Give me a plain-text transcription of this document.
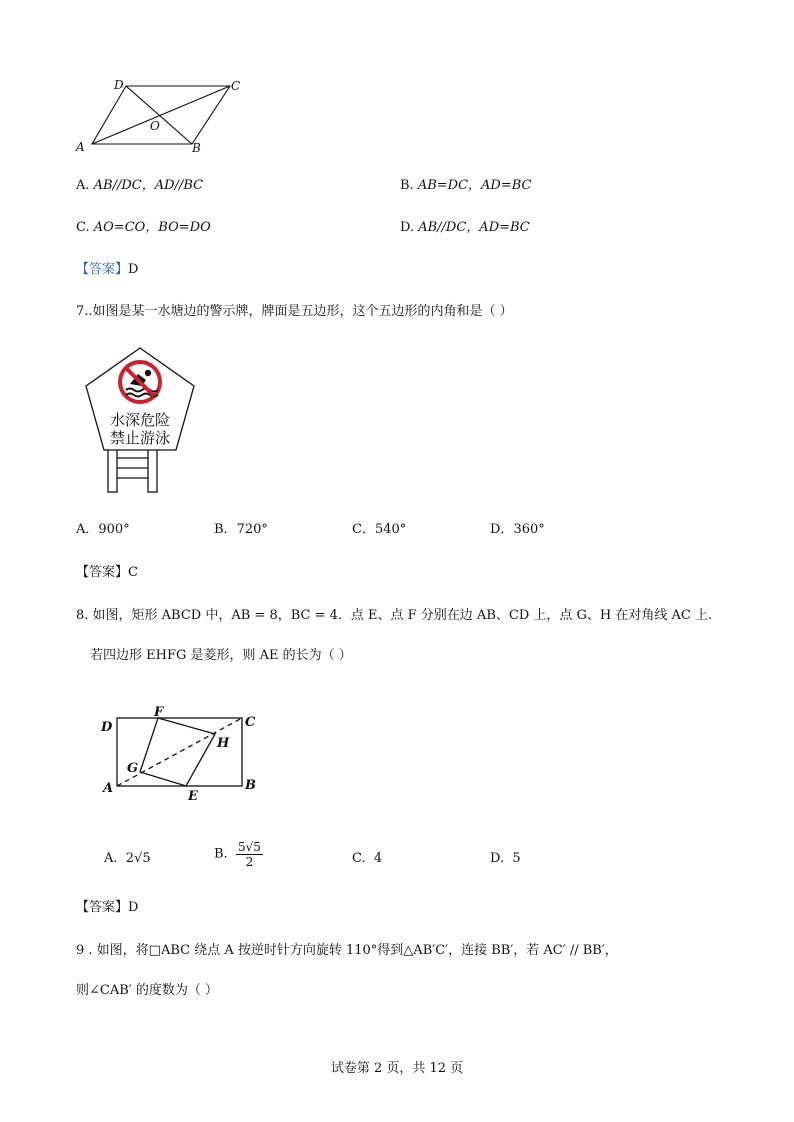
D	C
O
A	B
A. AB//DC，AD//BC	B. AB=DC，AD=BC
C. AO=CO，BO=DO	D. AB//DC，AD=BC
【答案】D
7..如图是某一水塘边的警示牌，牌面是五边形，这个五边形的内角和是（ ）
水深危险
禁止游泳
A．900°	B．720°	C．540°	D．360°
【答案】C
8. 如图，矩形 ABCD 中，AB = 8，BC = 4．点 E、点 F 分别在边 AB、CD 上，点 G、H 在对角线 AC 上.
若四边形 EHFG 是菱形，则 AE 的长为（ ）
D
F
C
H
G
A
E
B
A. 2√5	B. $\frac{5√5}{2}$	C. 4	D. 5
【答案】D
9 . 如图，将□ABC 绕点 A 按逆时针方向旋转 110°得到△AB′C′，连接 BB′，若 AC′ // BB′，
则∠CAB′ 的度数为（ ）
试卷第 2 页，共 12 页
